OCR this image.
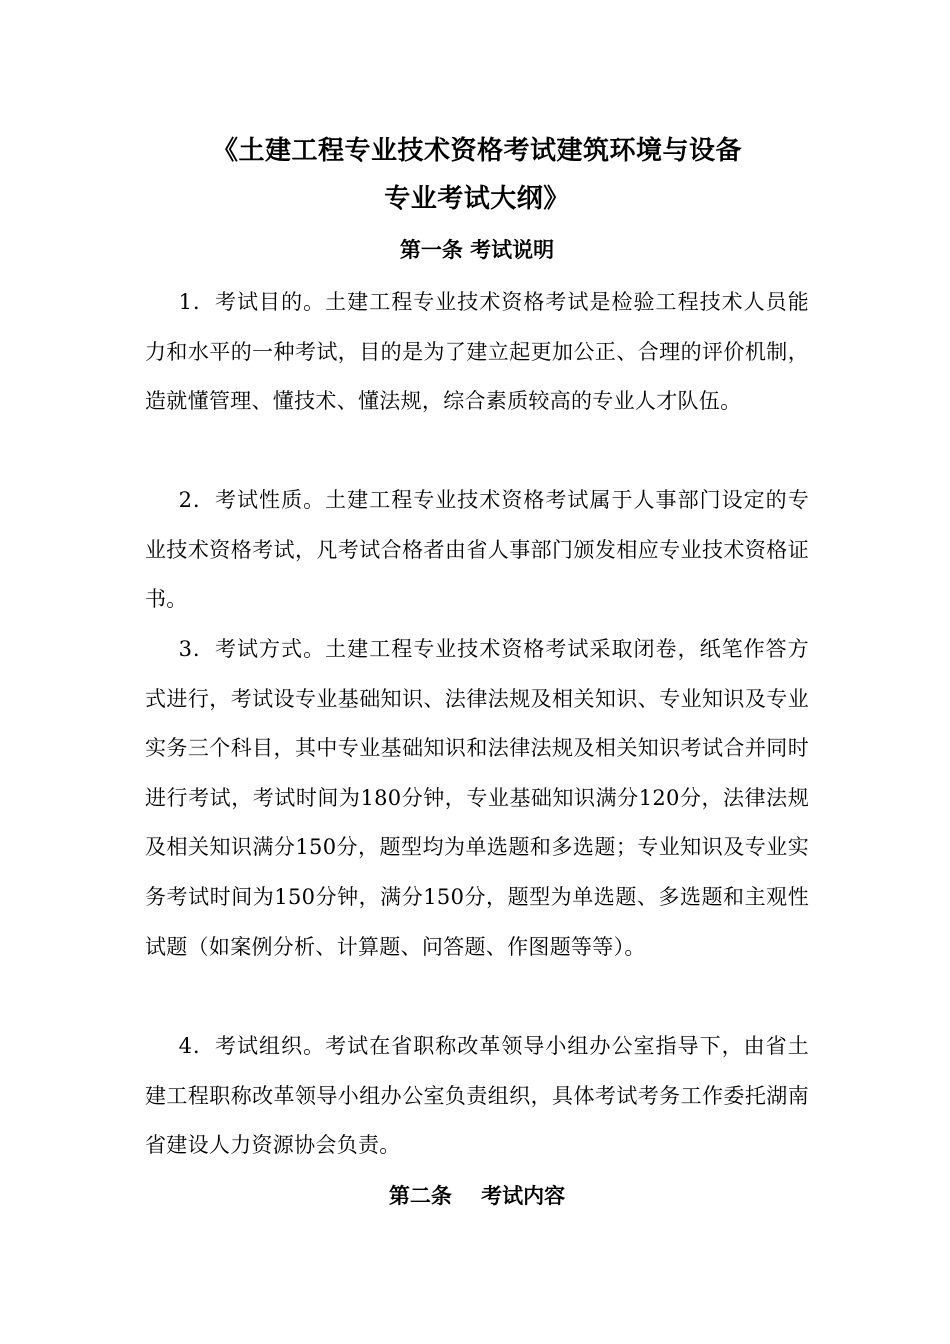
《土建工程专业技术资格考试建筑环境与设备
专业考试大纲》
第一条 考试说明

1．考试目的。土建工程专业技术资格考试是检验工程技术人员能力和水平的一种考试，目的是为了建立起更加公正、合理的评价机制，造就懂管理、懂技术、懂法规，综合素质较高的专业人才队伍。

2．考试性质。土建工程专业技术资格考试属于人事部门设定的专业技术资格考试，凡考试合格者由省人事部门颁发相应专业技术资格证书。

3．考试方式。土建工程专业技术资格考试采取闭卷，纸笔作答方式进行，考试设专业基础知识、法律法规及相关知识、专业知识及专业实务三个科目，其中专业基础知识和法律法规及相关知识考试合并同时进行考试，考试时间为180分钟，专业基础知识满分120分，法律法规及相关知识满分150分，题型均为单选题和多选题；专业知识及专业实务考试时间为150分钟，满分150分，题型为单选题、多选题和主观性试题（如案例分析、计算题、问答题、作图题等等）。

4．考试组织。考试在省职称改革领导小组办公室指导下，由省土建工程职称改革领导小组办公室负责组织，具体考试考务工作委托湖南省建设人力资源协会负责。

第二条    考试内容
